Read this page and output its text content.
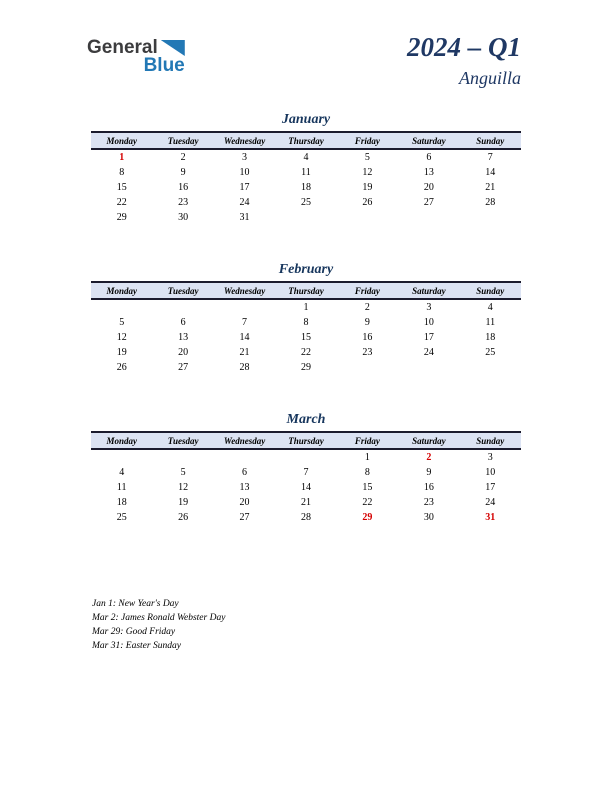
General
Blue
2024 – Q1
Anguilla
January
Monday	Tuesday	Wednesday	Thursday	Friday	Saturday	Sunday
1	2	3	4	5	6	7
8	9	10	11	12	13	14
15	16	17	18	19	20	21
22	23	24	25	26	27	28
29	30	31				
February
Monday	Tuesday	Wednesday	Thursday	Friday	Saturday	Sunday
			1	2	3	4
5	6	7	8	9	10	11
12	13	14	15	16	17	18
19	20	21	22	23	24	25
26	27	28	29			
March
Monday	Tuesday	Wednesday	Thursday	Friday	Saturday	Sunday
				1	2	3
4	5	6	7	8	9	10
11	12	13	14	15	16	17
18	19	20	21	22	23	24
25	26	27	28	29	30	31
Jan 1: New Year's Day
Mar 2: James Ronald Webster Day
Mar 29: Good Friday
Mar 31: Easter Sunday
